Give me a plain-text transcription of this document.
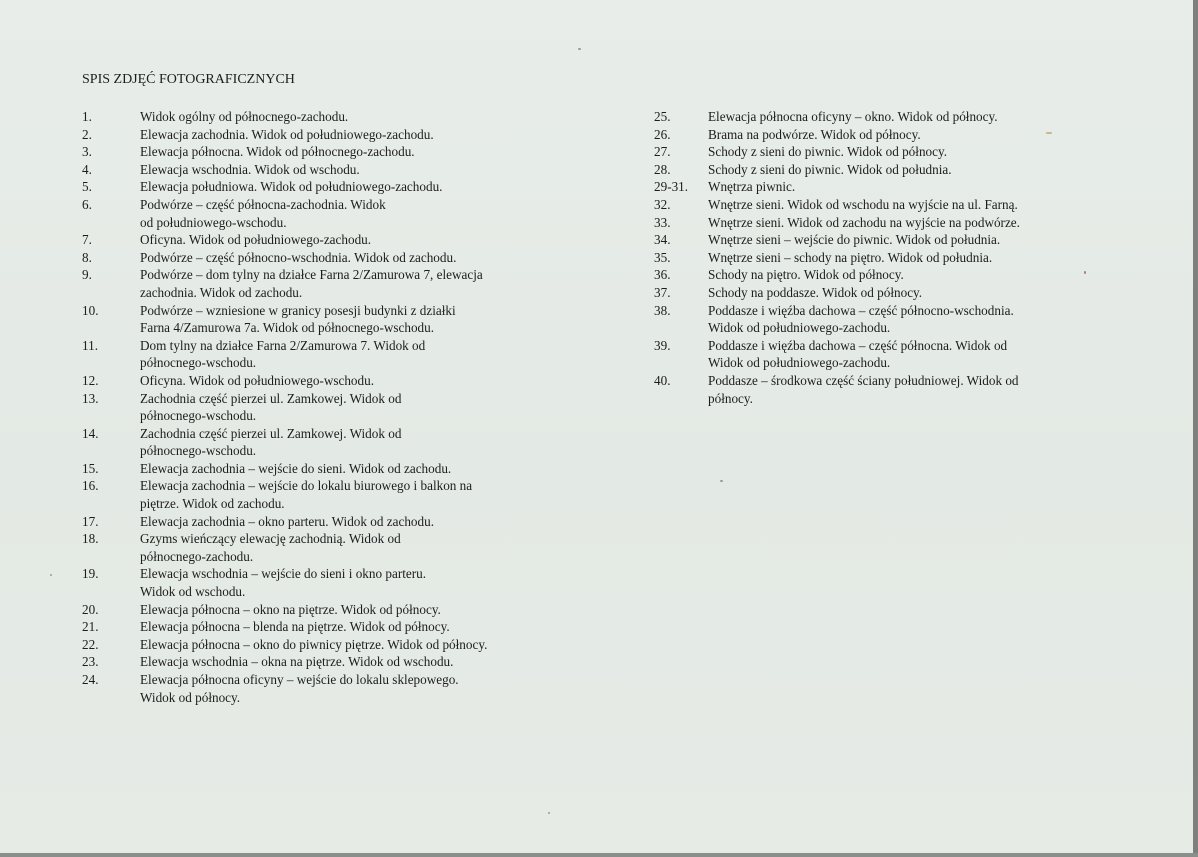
SPIS ZDJĘĆ FOTOGRAFICZNYCH
1.	Widok ogólny od północnego-zachodu.
2.	Elewacja zachodnia. Widok od południowego-zachodu.
3.	Elewacja północna. Widok od północnego-zachodu.
4.	Elewacja wschodnia. Widok od wschodu.
5.	Elewacja południowa. Widok od południowego-zachodu.
6.	Podwórze – część północna-zachodnia. Widok
od południowego-wschodu.
7.	Oficyna. Widok od południowego-zachodu.
8.	Podwórze – część północno-wschodnia. Widok od zachodu.
9.	Podwórze – dom tylny na działce Farna 2/Zamurowa 7, elewacja
zachodnia. Widok od zachodu.
10.	Podwórze – wzniesione w granicy posesji budynki z działki
Farna 4/Zamurowa 7a. Widok od północnego-wschodu.
11.	Dom tylny na działce Farna 2/Zamurowa 7. Widok od
północnego-wschodu.
12.	Oficyna. Widok od południowego-wschodu.
13.	Zachodnia część pierzei ul. Zamkowej. Widok od
północnego-wschodu.
14.	Zachodnia część pierzei ul. Zamkowej. Widok od
północnego-wschodu.
15.	Elewacja zachodnia – wejście do sieni. Widok od zachodu.
16.	Elewacja zachodnia – wejście do lokalu biurowego i balkon na
piętrze. Widok od zachodu.
17.	Elewacja zachodnia – okno parteru. Widok od zachodu.
18.	Gzyms wieńczący elewację zachodnią. Widok od
północnego-zachodu.
19.	Elewacja wschodnia – wejście do sieni i okno parteru.
Widok od wschodu.
20.	Elewacja północna – okno na piętrze. Widok od północy.
21.	Elewacja północna – blenda na piętrze. Widok od północy.
22.	Elewacja północna – okno do piwnicy piętrze. Widok od północy.
23.	Elewacja wschodnia – okna na piętrze. Widok od wschodu.
24.	Elewacja północna oficyny – wejście do lokalu sklepowego.
Widok od północy.
25.	Elewacja północna oficyny – okno. Widok od północy.
26.	Brama na podwórze. Widok od północy.
27.	Schody z sieni do piwnic. Widok od północy.
28.	Schody z sieni do piwnic. Widok od południa.
29-31.	Wnętrza piwnic.
32.	Wnętrze sieni. Widok od wschodu na wyjście na ul. Farną.
33.	Wnętrze sieni. Widok od zachodu na wyjście na podwórze.
34.	Wnętrze sieni – wejście do piwnic. Widok od południa.
35.	Wnętrze sieni – schody na piętro. Widok od południa.
36.	Schody na piętro. Widok od północy.
37.	Schody na poddasze. Widok od północy.
38.	Poddasze i więźba dachowa – część północno-wschodnia.
Widok od południowego-zachodu.
39.	Poddasze i więźba dachowa – część północna. Widok od
Widok od południowego-zachodu.
40.	Poddasze – środkowa część ściany południowej. Widok od
północy.
